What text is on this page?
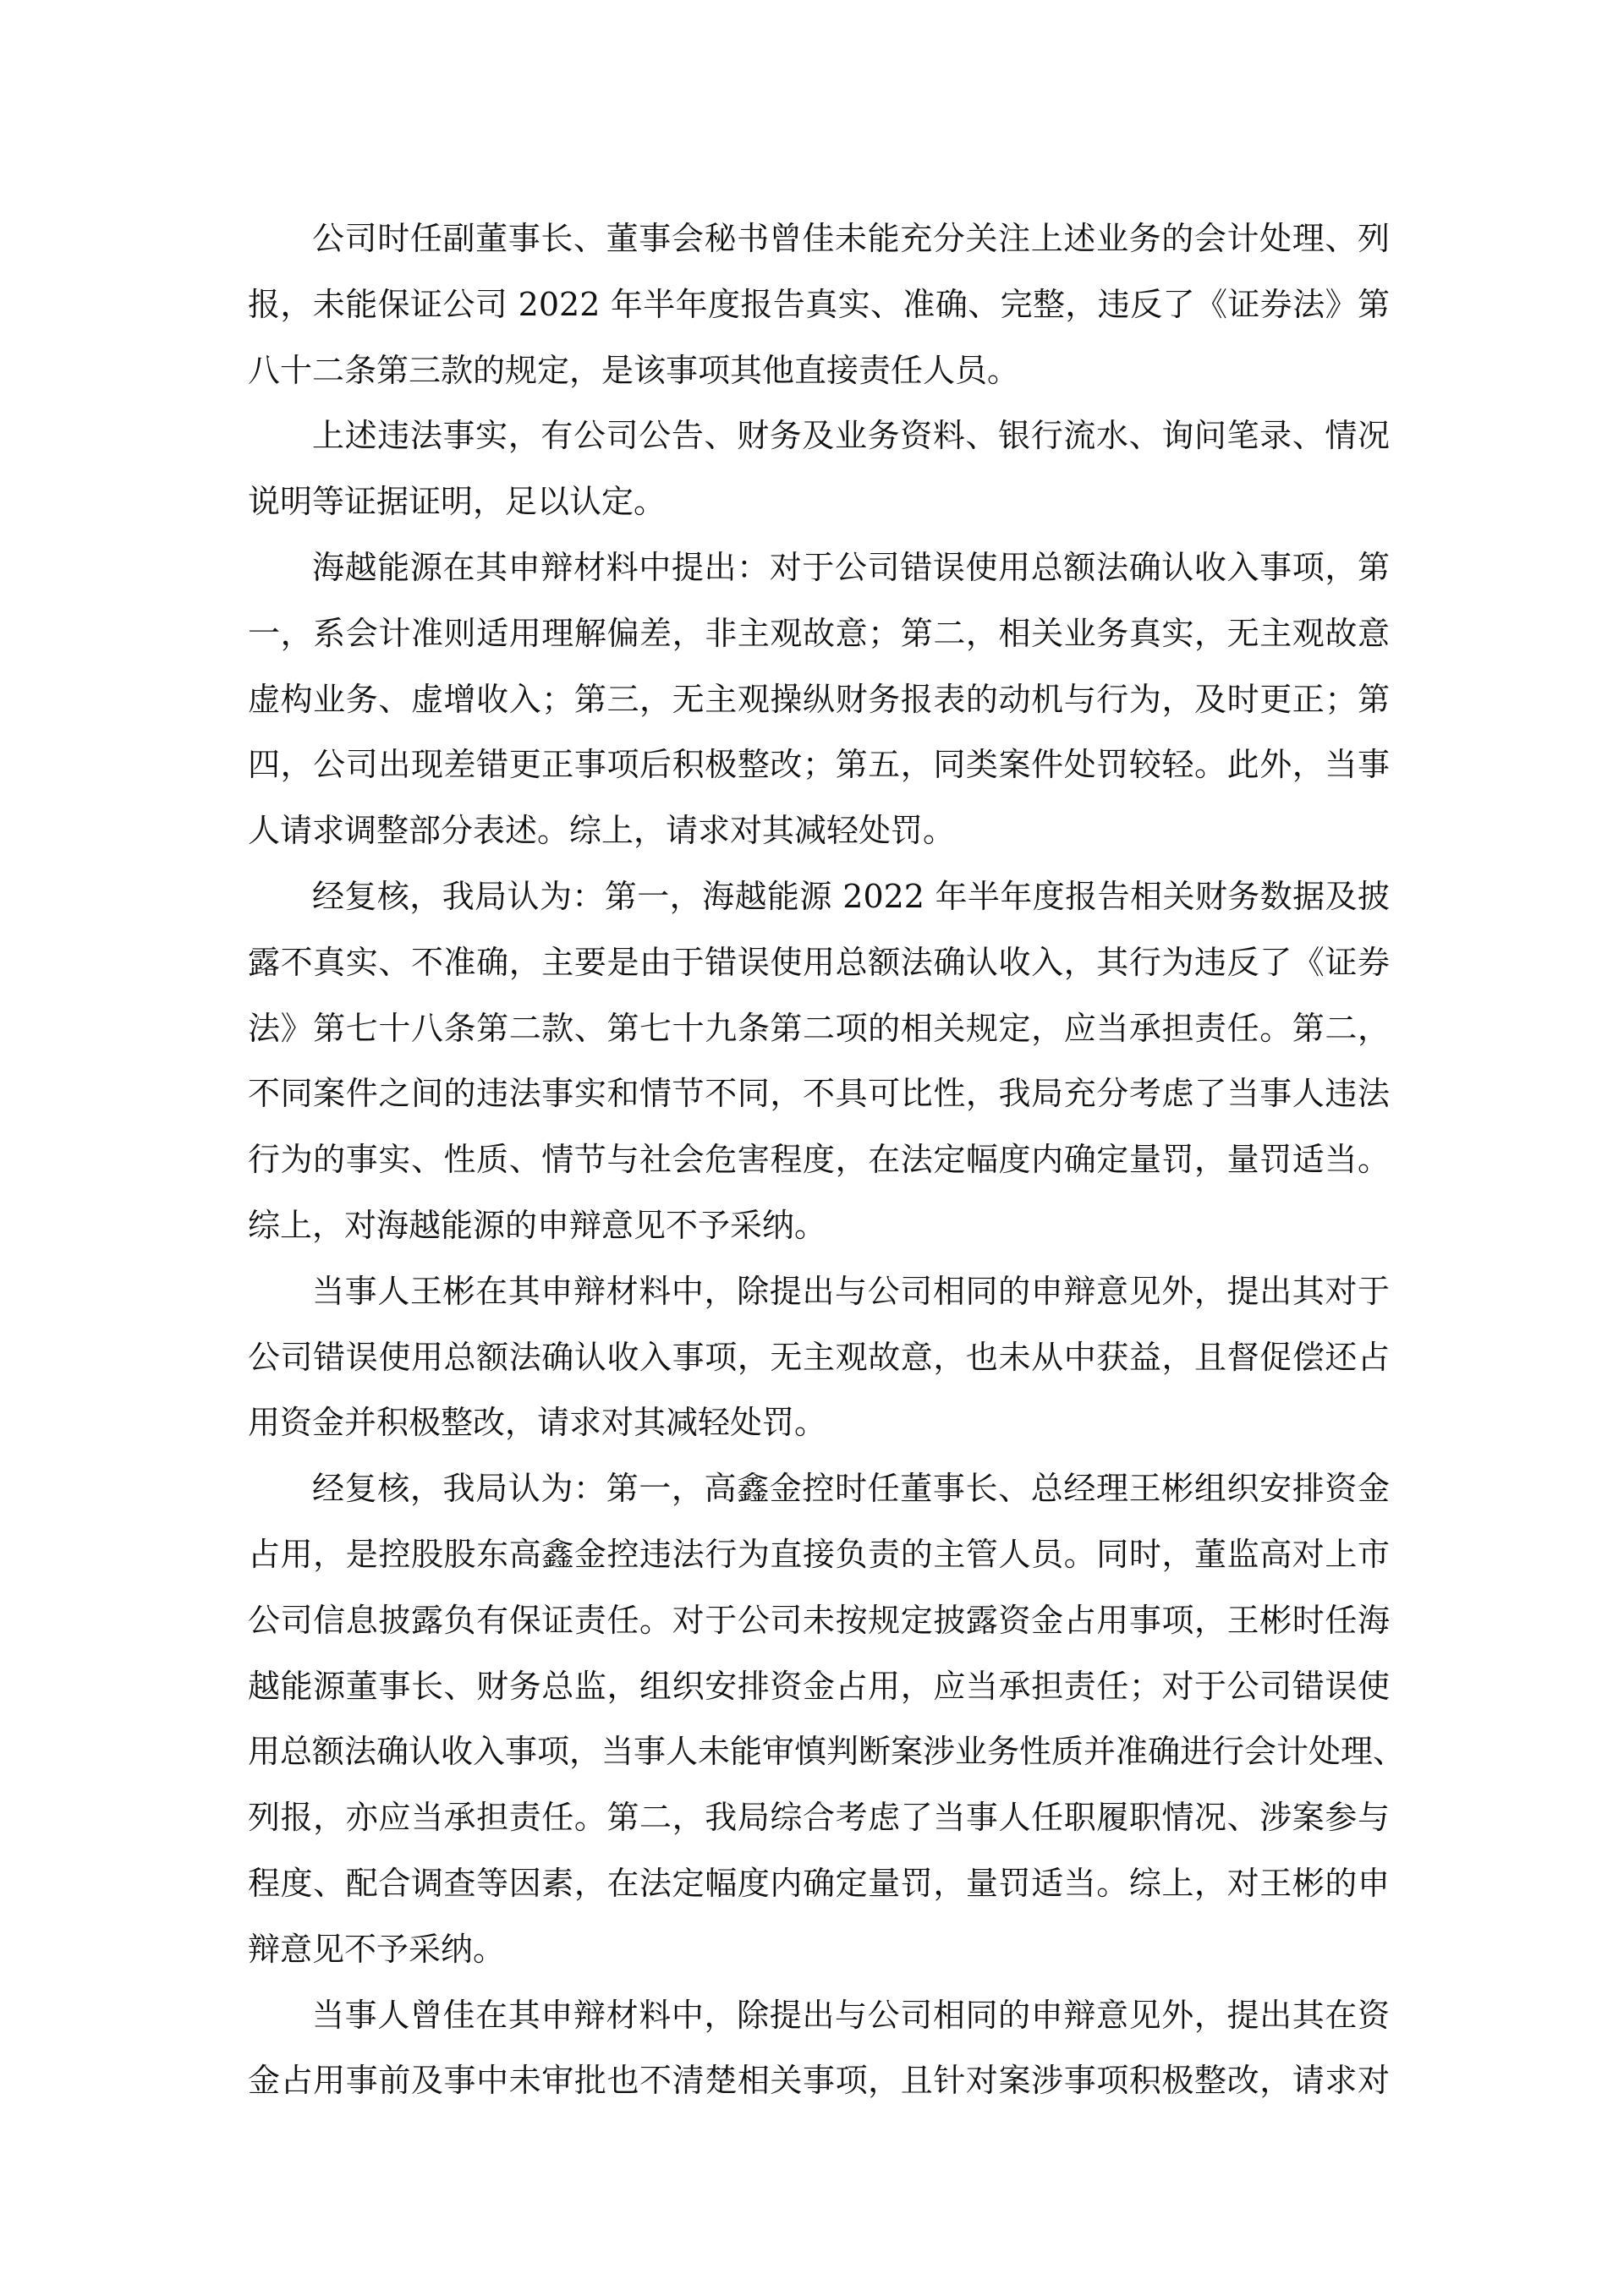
公司时任副董事长、董事会秘书曾佳未能充分关注上述业务的会计处理、列
报，未能保证公司 2022 年半年度报告真实、准确、完整，违反了《证券法》第
八十二条第三款的规定，是该事项其他直接责任人员。
上述违法事实，有公司公告、财务及业务资料、银行流水、询问笔录、情况
说明等证据证明，足以认定。
海越能源在其申辩材料中提出：对于公司错误使用总额法确认收入事项，第
一，系会计准则适用理解偏差，非主观故意；第二，相关业务真实，无主观故意
虚构业务、虚增收入；第三，无主观操纵财务报表的动机与行为，及时更正；第
四，公司出现差错更正事项后积极整改；第五，同类案件处罚较轻。此外，当事
人请求调整部分表述。综上，请求对其减轻处罚。
经复核，我局认为：第一，海越能源 2022 年半年度报告相关财务数据及披
露不真实、不准确，主要是由于错误使用总额法确认收入，其行为违反了《证券
法》第七十八条第二款、第七十九条第二项的相关规定，应当承担责任。第二，
不同案件之间的违法事实和情节不同，不具可比性，我局充分考虑了当事人违法
行为的事实、性质、情节与社会危害程度，在法定幅度内确定量罚，量罚适当。
综上，对海越能源的申辩意见不予采纳。
当事人王彬在其申辩材料中，除提出与公司相同的申辩意见外，提出其对于
公司错误使用总额法确认收入事项，无主观故意，也未从中获益，且督促偿还占
用资金并积极整改，请求对其减轻处罚。
经复核，我局认为：第一，高鑫金控时任董事长、总经理王彬组织安排资金
占用，是控股股东高鑫金控违法行为直接负责的主管人员。同时，董监高对上市
公司信息披露负有保证责任。对于公司未按规定披露资金占用事项，王彬时任海
越能源董事长、财务总监，组织安排资金占用，应当承担责任；对于公司错误使
用总额法确认收入事项，当事人未能审慎判断案涉业务性质并准确进行会计处理、
列报，亦应当承担责任。第二，我局综合考虑了当事人任职履职情况、涉案参与
程度、配合调查等因素，在法定幅度内确定量罚，量罚适当。综上，对王彬的申
辩意见不予采纳。
当事人曾佳在其申辩材料中，除提出与公司相同的申辩意见外，提出其在资
金占用事前及事中未审批也不清楚相关事项，且针对案涉事项积极整改，请求对
